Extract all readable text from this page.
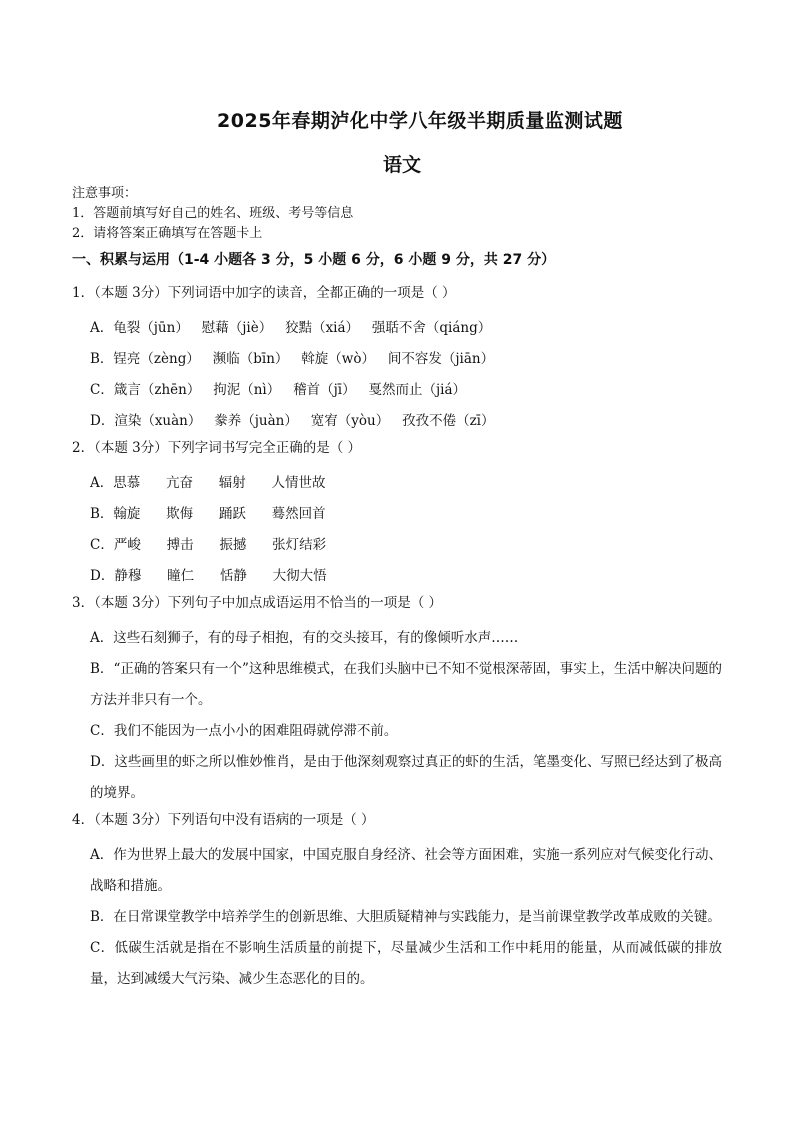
2025年春期泸化中学八年级半期质量监测试题
语文
注意事项：
1．答题前填写好自己的姓名、班级、考号等信息
2．请将答案正确填写在答题卡上
一、积累与运用（1-4 小题各 3 分，5 小题 6 分，6 小题 9 分，共 27 分）
1．（本题 3分）下列词语中加字的读音，全都正确的一项是（ ）
A．龟裂（jūn）   慰藉（jiè）   狡黠（xiá）   强聒不舍（qiáng）
B．锃亮（zèng）   濒临（bīn）   斡旋（wò）   间不容发（jiān）
C．箴言（zhēn）   拘泥（nì）   稽首（jī）   戛然而止（jiá）
D．渲染（xuàn）   豢养（juàn）   宽宥（yòu）   孜孜不倦（zī）
2．（本题 3分）下列字词书写完全正确的是（ ）
A．思慕      亢奋      辐射      人情世故
B．翰旋      欺侮      踊跃      蓦然回首
C．严峻      搏击      振撼      张灯结彩
D．静穆      瞳仁      恬静      大彻大悟
3．（本题 3分）下列句子中加点成语运用不恰当的一项是（ ）
A．这些石刻狮子，有的母子相抱，有的交头接耳，有的像倾听水声……
B．“正确的答案只有一个”这种思维模式，在我们头脑中已不知不觉根深蒂固，事实上，生活中解决问题的方法并非只有一个。
C．我们不能因为一点小小的困难阻碍就停滞不前。
D．这些画里的虾之所以惟妙惟肖，是由于他深刻观察过真正的虾的生活，笔墨变化、写照已经达到了极高的境界。
4．（本题 3分）下列语句中没有语病的一项是（ ）
A．作为世界上最大的发展中国家，中国克服自身经济、社会等方面困难，实施一系列应对气候变化行动、战略和措施。
B．在日常课堂教学中培养学生的创新思维、大胆质疑精神与实践能力，是当前课堂教学改革成败的关键。
C．低碳生活就是指在不影响生活质量的前提下，尽量减少生活和工作中耗用的能量，从而减低碳的排放量，达到减缓大气污染、减少生态恶化的目的。
